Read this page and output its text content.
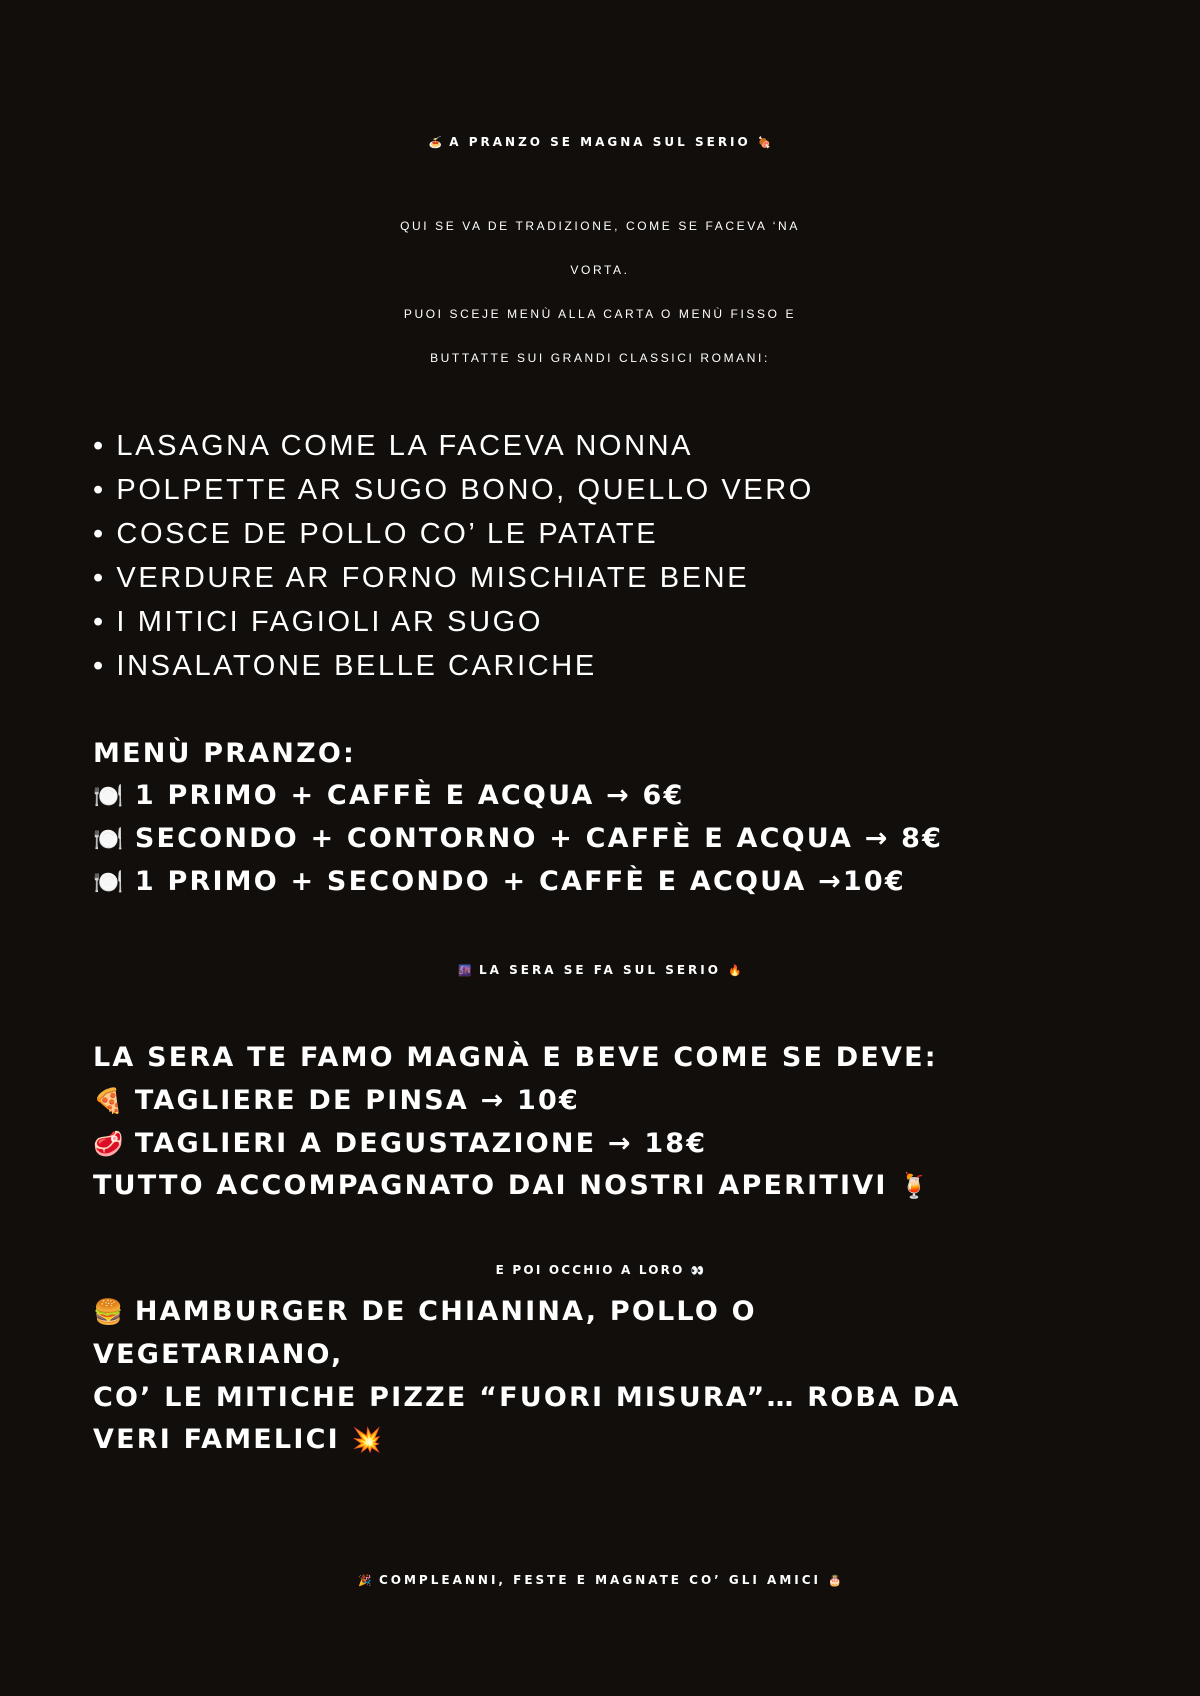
🍝 A PRANZO SE MAGNA SUL SERIO 🍖
QUI SE VA DE TRADIZIONE, COME SE FACEVA ‘NA
VORTA.
PUOI SCEJE MENÙ ALLA CARTA O MENÙ FISSO E
BUTTATTE SUI GRANDI CLASSICI ROMANI:
• LASAGNA COME LA FACEVA NONNA
• POLPETTE AR SUGO BONO, QUELLO VERO
• COSCE DE POLLO CO’ LE PATATE
• VERDURE AR FORNO MISCHIATE BENE
• I MITICI FAGIOLI AR SUGO
• INSALATONE BELLE CARICHE
MENÙ PRANZO:
🍽️ 1 PRIMO + CAFFÈ E ACQUA → 6€
🍽️ SECONDO + CONTORNO + CAFFÈ E ACQUA → 8€
🍽️ 1 PRIMO + SECONDO + CAFFÈ E ACQUA →10€
🌆 LA SERA SE FA SUL SERIO 🔥
LA SERA TE FAMO MAGNÀ E BEVE COME SE DEVE:
🍕 TAGLIERE DE PINSA → 10€
🥩 TAGLIERI A DEGUSTAZIONE → 18€
TUTTO ACCOMPAGNATO DAI NOSTRI APERITIVI 🍹
E POI OCCHIO A LORO 👀
🍔 HAMBURGER DE CHIANINA, POLLO O
VEGETARIANO,
CO’ LE MITICHE PIZZE “FUORI MISURA”… ROBA DA
VERI FAMELICI 💥
🎉 COMPLEANNI, FESTE E MAGNATE CO’ GLI AMICI 🎂
